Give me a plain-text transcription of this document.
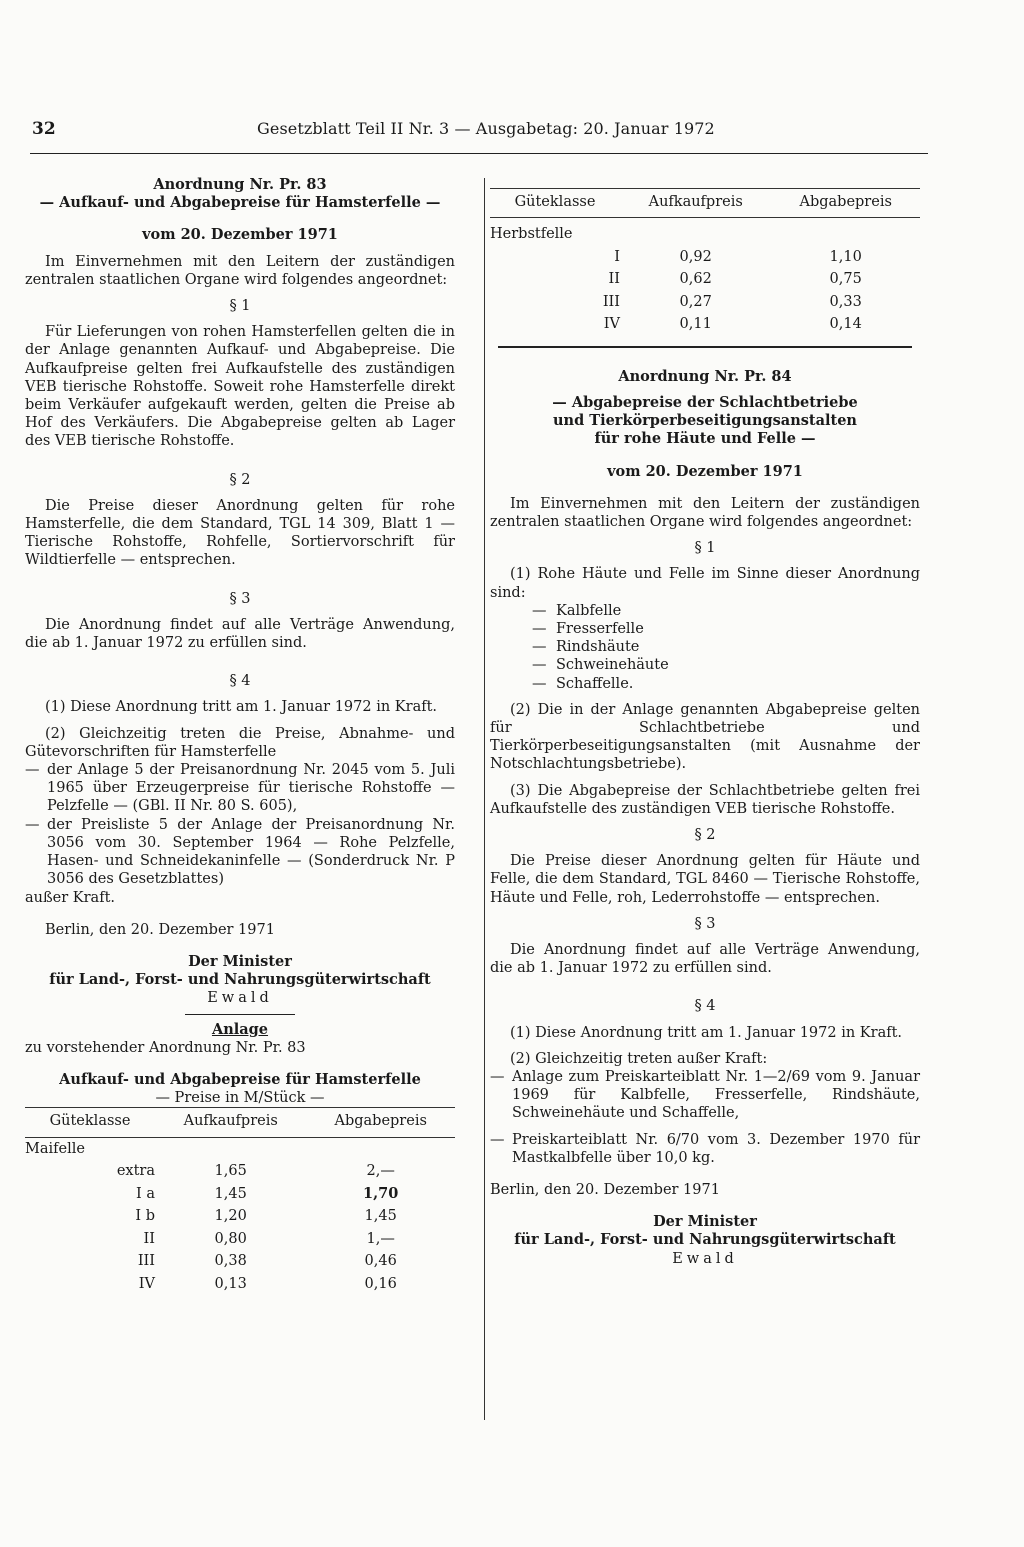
32	Gesetzblatt Teil II Nr. 3 — Ausgabetag: 20. Januar 1972
Anordnung Nr. Pr. 83
— Aufkauf- und Abgabepreise für Hamsterfelle —
vom 20. Dezember 1971

Im Einvernehmen mit den Leitern der zuständigen zentralen staatlichen Organe wird folgendes angeordnet:

§ 1

Für Lieferungen von rohen Hamsterfellen gelten die in der Anlage genannten Aufkauf- und Abgabepreise. Die Aufkaufpreise gelten frei Aufkaufstelle des zuständigen VEB tierische Rohstoffe. Soweit rohe Hamsterfelle direkt beim Verkäufer aufgekauft werden, gelten die Preise ab Hof des Verkäufers. Die Abgabepreise gelten ab Lager des VEB tierische Rohstoffe.

§ 2

Die Preise dieser Anordnung gelten für rohe Hamsterfelle, die dem Standard, TGL 14 309, Blatt 1 — Tierische Rohstoffe, Rohfelle, Sortiervorschrift für Wildtierfelle — entsprechen.

§ 3

Die Anordnung findet auf alle Verträge Anwendung, die ab 1. Januar 1972 zu erfüllen sind.

§ 4

(1) Diese Anordnung tritt am 1. Januar 1972 in Kraft.

(2) Gleichzeitig treten die Preise, Abnahme- und Gütevorschriften für Hamsterfelle

— der Anlage 5 der Preisanordnung Nr. 2045 vom 5. Juli 1965 über Erzeugerpreise für tierische Rohstoffe — Pelzfelle — (GBl. II Nr. 80 S. 605),
— der Preisliste 5 der Anlage der Preisanordnung Nr. 3056 vom 30. September 1964 — Rohe Pelzfelle, Hasen- und Schneidekaninfelle — (Sonderdruck Nr. P 3056 des Gesetzblattes)

außer Kraft.

Berlin, den 20. Dezember 1971

Der Minister
für Land-, Forst- und Nahrungsgüterwirtschaft
Ewald
Anlage
zu vorstehender Anordnung Nr. Pr. 83
Aufkauf- und Abgabepreise für Hamsterfelle
— Preise in M/Stück —
Güteklasse	Aufkaufpreis	Abgabepreis
Maifelle		
extra	1,65	2,—
I a	1,45	1,70
I b	1,20	1,45
II	0,80	1,—
III	0,38	0,46
IV	0,13	0,16
Güteklasse	Aufkaufpreis	Abgabepreis
Herbstfelle		
I	0,92	1,10
II	0,62	0,75
III	0,27	0,33
IV	0,11	0,14
Anordnung Nr. Pr. 84
— Abgabepreise der Schlachtbetriebe
und Tierkörperbeseitigungsanstalten
für rohe Häute und Felle —
vom 20. Dezember 1971

Im Einvernehmen mit den Leitern der zuständigen zentralen staatlichen Organe wird folgendes angeordnet:

§ 1

(1) Rohe Häute und Felle im Sinne dieser Anordnung sind:

— Kalbfelle
— Fresserfelle
— Rindshäute
— Schweinehäute
— Schaffelle.

(2) Die in der Anlage genannten Abgabepreise gelten für Schlachtbetriebe und Tierkörperbeseitigungsanstalten (mit Ausnahme der Notschlachtungsbetriebe).

(3) Die Abgabepreise der Schlachtbetriebe gelten frei Aufkaufstelle des zuständigen VEB tierische Rohstoffe.

§ 2

Die Preise dieser Anordnung gelten für Häute und Felle, die dem Standard, TGL 8460 — Tierische Rohstoffe, Häute und Felle, roh, Lederrohstoffe — entsprechen.

§ 3

Die Anordnung findet auf alle Verträge Anwendung, die ab 1. Januar 1972 zu erfüllen sind.

§ 4

(1) Diese Anordnung tritt am 1. Januar 1972 in Kraft.

(2) Gleichzeitig treten außer Kraft:

— Anlage zum Preiskarteiblatt Nr. 1—2/69 vom 9. Januar 1969 für Kalbfelle, Fresserfelle, Rindshäute, Schweinehäute und Schaffelle,
— Preiskarteiblatt Nr. 6/70 vom 3. Dezember 1970 für Mastkalbfelle über 10,0 kg.

Berlin, den 20. Dezember 1971

Der Minister
für Land-, Forst- und Nahrungsgüterwirtschaft
Ewald
